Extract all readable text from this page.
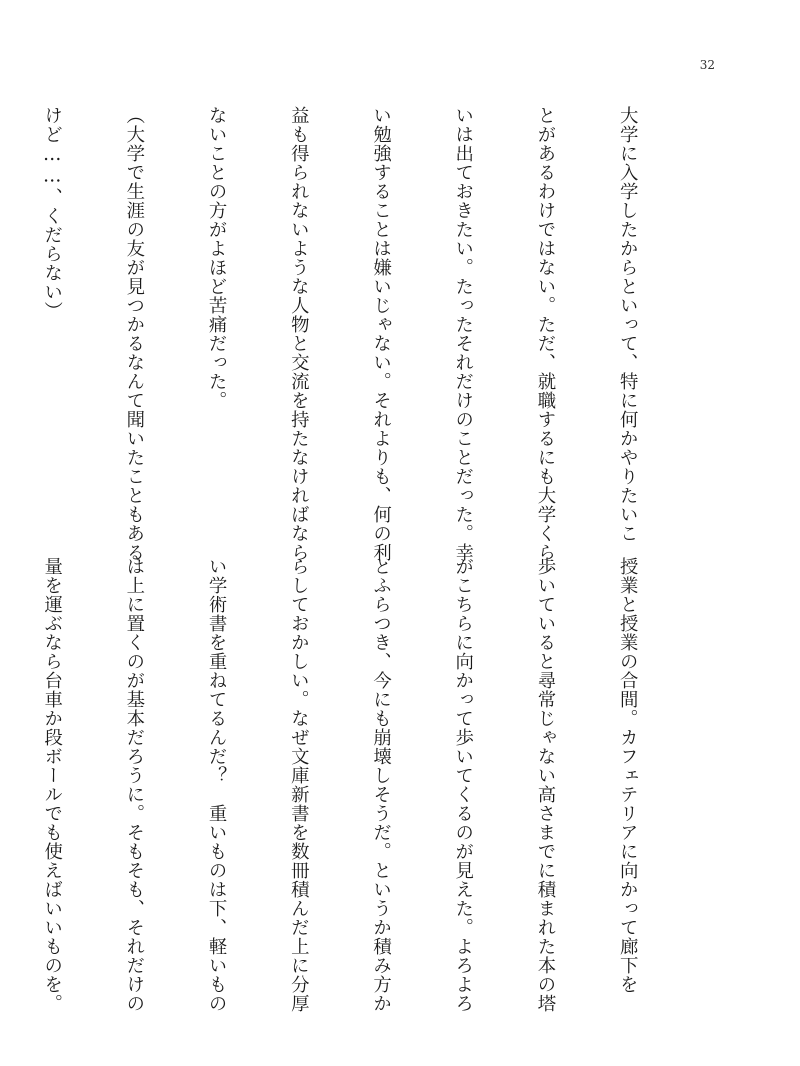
32

大学に入学したからといって、特に何かやりたいこ

とがあるわけではない。ただ、就職するにも大学くら

いは出ておきたい。たったそれだけのことだった。幸

い勉強することは嫌いじゃない。それよりも、何の利

益も得られないような人物と交流を持たなければなら

ないことの方がよほど苦痛だった。

（大学で生涯の友が見つかるなんて聞いたこともある

けど……、くだらない）

授業と授業の合間。カフェテリアに向かって廊下を

歩いていると尋常じゃない高さまでに積まれた本の塔

がこちらに向かって歩いてくるのが見えた。よろよろ

とふらつき、今にも崩壊しそうだ。というか積み方か

らしておかしい。なぜ文庫新書を数冊積んだ上に分厚

い学術書を重ねてるんだ？　重いものは下、軽いもの

は上に置くのが基本だろうに。そもそも、それだけの

量を運ぶなら台車か段ボールでも使えばいいものを。
